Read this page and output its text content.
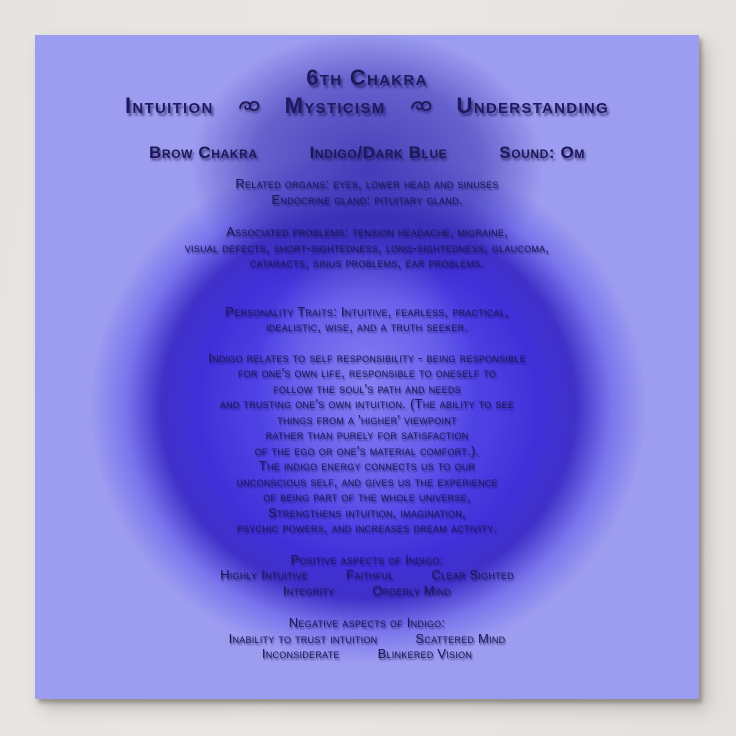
6th Chakra
Intuition	Mysticism	Understanding
Brow Chakra	Indigo/Dark Blue	Sound: Om
Related organs: eyes, lower head and sinuses
Endocrine gland: pituitary gland.
Associated problems: tension headache, migraine,
visual defects, short-sightedness, long-sightedness, glaucoma,
cataracts, sinus problems, ear problems.
Personality Traits: Intuitive, fearless, practical,
idealistic, wise, and a truth seeker.
Indigo relates to self responsibility - being responsible
for one's own life, responsible to oneself to
follow the soul's path and needs
and trusting one's own intuition. (The ability to see
things from a 'higher' viewpoint
rather than purely for satisfaction
of the ego or one's material comfort.).
The indigo energy connects us to our
unconscious self, and gives us the experience
of being part of the whole universe,
Strengthens intuition, imagination,
psychic powers, and increases dream activity.
Positive aspects of Indigo:
Highly Intuitive	Faithful	Clear Sighted
Integrity	Orderly Mind
Negative aspects of Indigo:
Inability to trust intuition	Scattered Mind
Inconsiderate	Blinkered Vision
